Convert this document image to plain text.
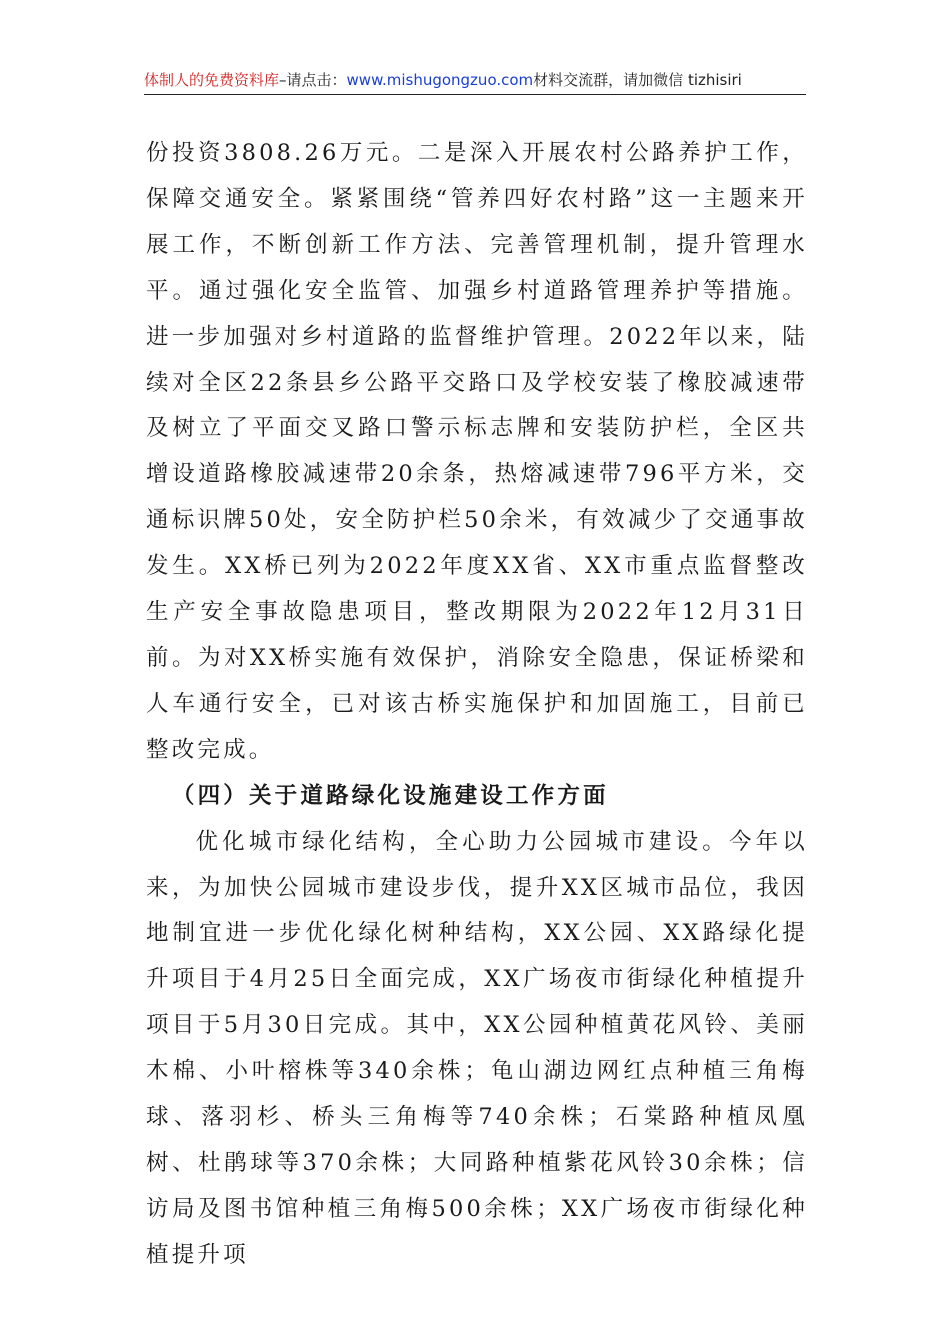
体制人的免费资料库–请点击：www.mishugongzuo.com材料交流群，请加微信 tizhisiri

份投资3808.26万元。二是深入开展农村公路养护工作，保障交通安全。紧紧围绕“管养四好农村路”这一主题来开展工作，不断创新工作方法、完善管理机制，提升管理水平。通过强化安全监管、加强乡村道路管理养护等措施。进一步加强对乡村道路的监督维护管理。2022年以来，陆续对全区22条县乡公路平交路口及学校安装了橡胶减速带及树立了平面交叉路口警示标志牌和安装防护栏，全区共增设道路橡胶减速带20余条，热熔减速带796平方米，交通标识牌50处，安全防护栏50余米，有效减少了交通事故发生。XX桥已列为2022年度XX省、XX市重点监督整改生产安全事故隐患项目，整改期限为2022年12月31日前。为对XX桥实施有效保护，消除安全隐患，保证桥梁和人车通行安全，已对该古桥实施保护和加固施工，目前已整改完成。

（四）关于道路绿化设施建设工作方面

优化城市绿化结构，全心助力公园城市建设。今年以来，为加快公园城市建设步伐，提升XX区城市品位，我因地制宜进一步优化绿化树种结构，XX公园、XX路绿化提升项目于4月25日全面完成，XX广场夜市街绿化种植提升项目于5月30日完成。其中，XX公园种植黄花风铃、美丽木棉、小叶榕株等340余株；龟山湖边网红点种植三角梅球、落羽杉、桥头三角梅等740余株；石棠路种植凤凰树、杜鹃球等370余株；大同路种植紫花风铃30余株；信访局及图书馆种植三角梅500余株；XX广场夜市街绿化种植提升项
